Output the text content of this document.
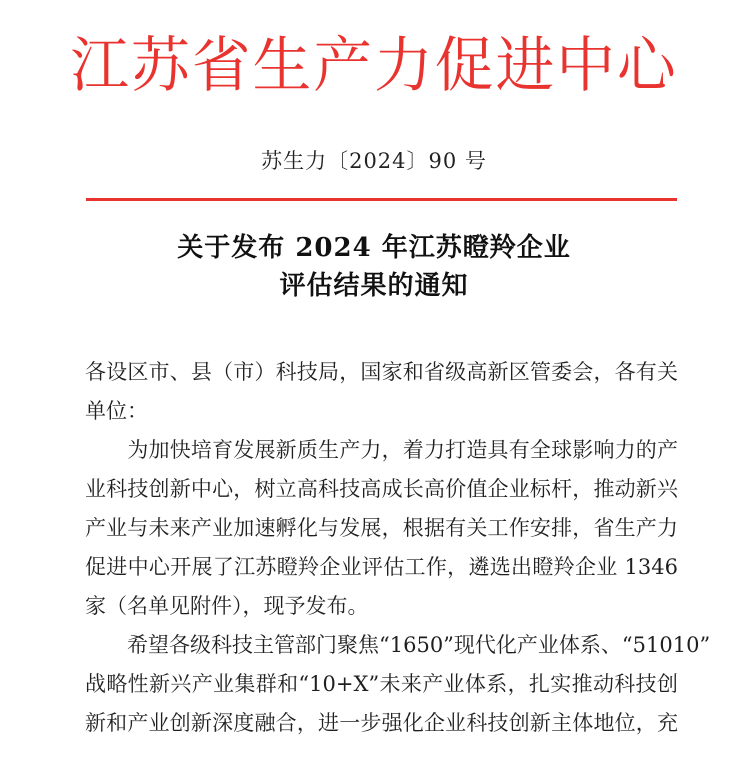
江苏省生产力促进中心
苏生力〔2024〕90 号
关于发布 2024 年江苏瞪羚企业
评估结果的通知
各设区市、县（市）科技局，国家和省级高新区管委会，各有关
单位：
　　为加快培育发展新质生产力，着力打造具有全球影响力的产
业科技创新中心，树立高科技高成长高价值企业标杆，推动新兴
产业与未来产业加速孵化与发展，根据有关工作安排，省生产力
促进中心开展了江苏瞪羚企业评估工作，遴选出瞪羚企业 1346
家（名单见附件），现予发布。
　　希望各级科技主管部门聚焦“1650”现代化产业体系、“51010”
战略性新兴产业集群和“10+X”未来产业体系，扎实推动科技创
新和产业创新深度融合，进一步强化企业科技创新主体地位，充
